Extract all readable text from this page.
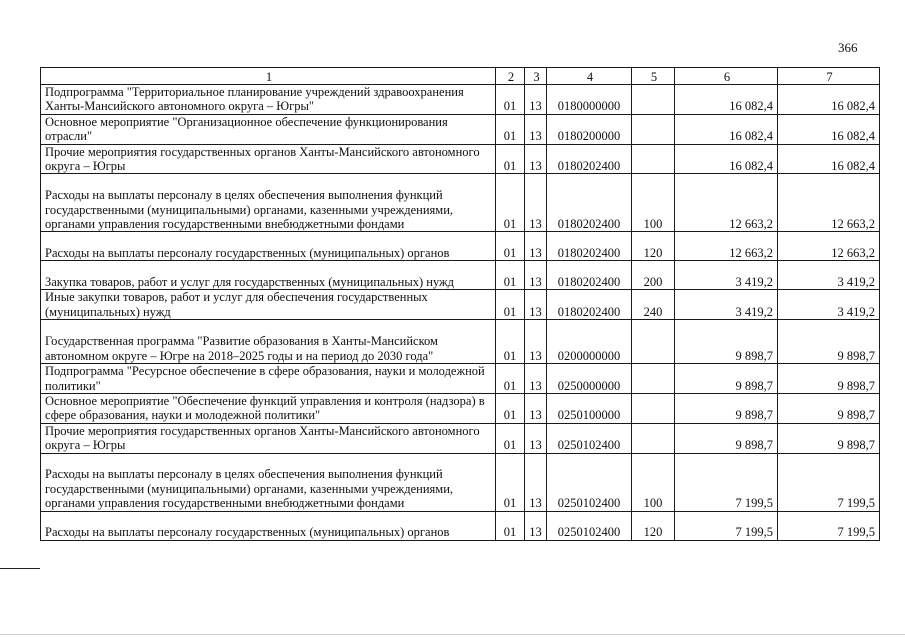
366
1	2	3	4	5	6	7
Подпрограмма "Территориальное планирование учреждений здравоохранения Ханты-Мансийского автономного округа – Югры"	01	13	0180000000		16 082,4	16 082,4
Основное мероприятие "Организационное обеспечение функционирования отрасли"	01	13	0180200000		16 082,4	16 082,4
Прочие мероприятия государственных органов Ханты-Мансийского автономного округа – Югры	01	13	0180202400		16 082,4	16 082,4
Расходы на выплаты персоналу в целях обеспечения выполнения функций государственными (муниципальными) органами, казенными учреждениями, органами управления государственными внебюджетными фондами	01	13	0180202400	100	12 663,2	12 663,2
Расходы на выплаты персоналу государственных (муниципальных) органов	01	13	0180202400	120	12 663,2	12 663,2
Закупка товаров, работ и услуг для государственных (муниципальных) нужд	01	13	0180202400	200	3 419,2	3 419,2
Иные закупки товаров, работ и услуг для обеспечения государственных (муниципальных) нужд	01	13	0180202400	240	3 419,2	3 419,2
Государственная программа "Развитие образования в Ханты-Мансийском автономном округе – Югре на 2018–2025 годы и на период до 2030 года"	01	13	0200000000		9 898,7	9 898,7
Подпрограмма "Ресурсное обеспечение в сфере образования, науки и молодежной политики"	01	13	0250000000		9 898,7	9 898,7
Основное мероприятие "Обеспечение функций управления и контроля (надзора) в сфере образования, науки и молодежной политики"	01	13	0250100000		9 898,7	9 898,7
Прочие мероприятия государственных органов Ханты-Мансийского автономного округа – Югры	01	13	0250102400		9 898,7	9 898,7
Расходы на выплаты персоналу в целях обеспечения выполнения функций государственными (муниципальными) органами, казенными учреждениями, органами управления государственными внебюджетными фондами	01	13	0250102400	100	7 199,5	7 199,5
Расходы на выплаты персоналу государственных (муниципальных) органов	01	13	0250102400	120	7 199,5	7 199,5
